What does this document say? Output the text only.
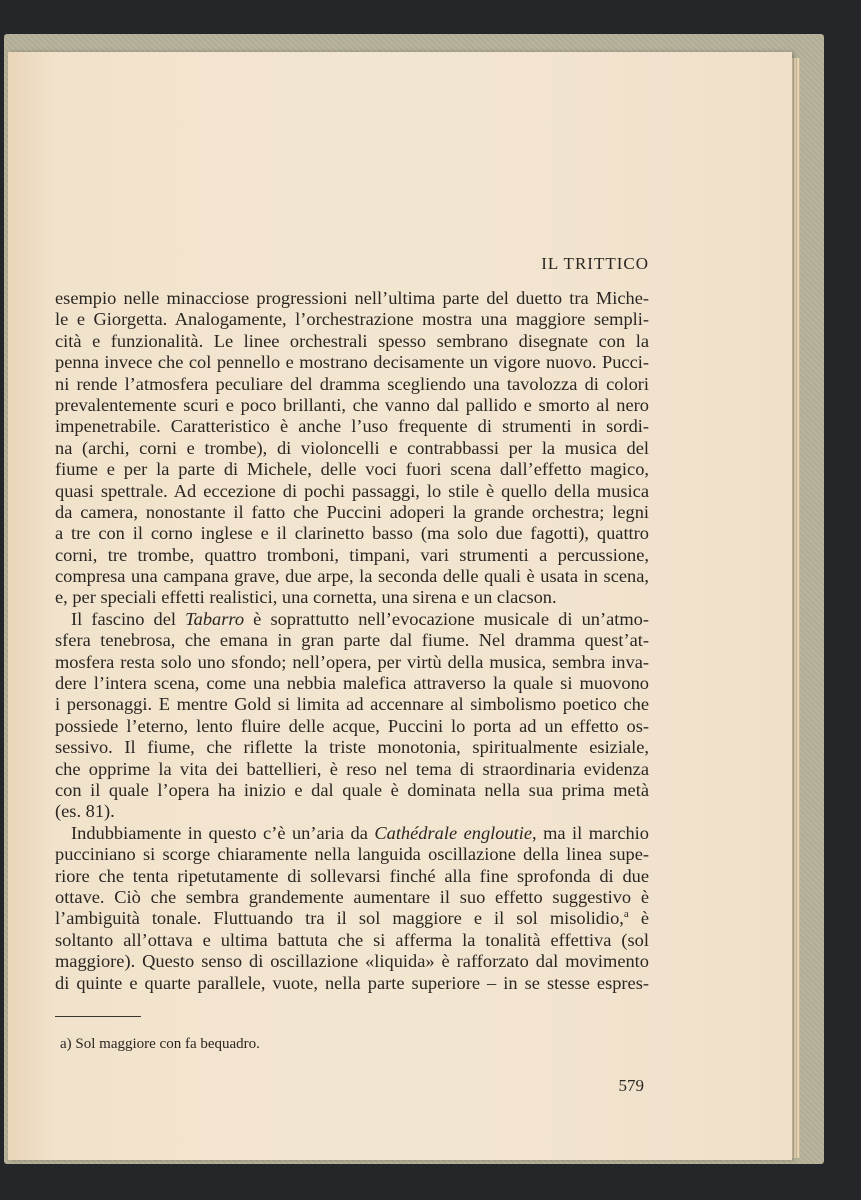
IL TRITTICO

esempio nelle minacciose progressioni nell’ultima parte del duetto tra Miche-
le e Giorgetta. Analogamente, l’orchestrazione mostra una maggiore sempli-
cità e funzionalità. Le linee orchestrali spesso sembrano disegnate con la
penna invece che col pennello e mostrano decisamente un vigore nuovo. Pucci-
ni rende l’atmosfera peculiare del dramma scegliendo una tavolozza di colori
prevalentemente scuri e poco brillanti, che vanno dal pallido e smorto al nero
impenetrabile. Caratteristico è anche l’uso frequente di strumenti in sordi-
na (archi, corni e trombe), di violoncelli e contrabbassi per la musica del
fiume e per la parte di Michele, delle voci fuori scena dall’effetto magico,
quasi spettrale. Ad eccezione di pochi passaggi, lo stile è quello della musica
da camera, nonostante il fatto che Puccini adoperi la grande orchestra; legni
a tre con il corno inglese e il clarinetto basso (ma solo due fagotti), quattro
corni, tre trombe, quattro tromboni, timpani, vari strumenti a percussione,
compresa una campana grave, due arpe, la seconda delle quali è usata in scena,
e, per speciali effetti realistici, una cornetta, una sirena e un clacson.
Il fascino del Tabarro è soprattutto nell’evocazione musicale di un’atmo-
sfera tenebrosa, che emana in gran parte dal fiume. Nel dramma quest’at-
mosfera resta solo uno sfondo; nell’opera, per virtù della musica, sembra inva-
dere l’intera scena, come una nebbia malefica attraverso la quale si muovono
i personaggi. E mentre Gold si limita ad accennare al simbolismo poetico che
possiede l’eterno, lento fluire delle acque, Puccini lo porta ad un effetto os-
sessivo. Il fiume, che riflette la triste monotonia, spiritualmente esiziale,
che opprime la vita dei battellieri, è reso nel tema di straordinaria evidenza
con il quale l’opera ha inizio e dal quale è dominata nella sua prima metà
(es. 81).
Indubbiamente in questo c’è un’aria da Cathédrale engloutie, ma il marchio
pucciniano si scorge chiaramente nella languida oscillazione della linea supe-
riore che tenta ripetutamente di sollevarsi finché alla fine sprofonda di due
ottave. Ciò che sembra grandemente aumentare il suo effetto suggestivo è
l’ambiguità tonale. Fluttuando tra il sol maggiore e il sol misolidio,$^a$ è
soltanto all’ottava e ultima battuta che si afferma la tonalità effettiva (sol
maggiore). Questo senso di oscillazione «liquida» è rafforzato dal movimento
di quinte e quarte parallele, vuote, nella parte superiore – in se stesse espres-

a) Sol maggiore con fa bequadro.

579
